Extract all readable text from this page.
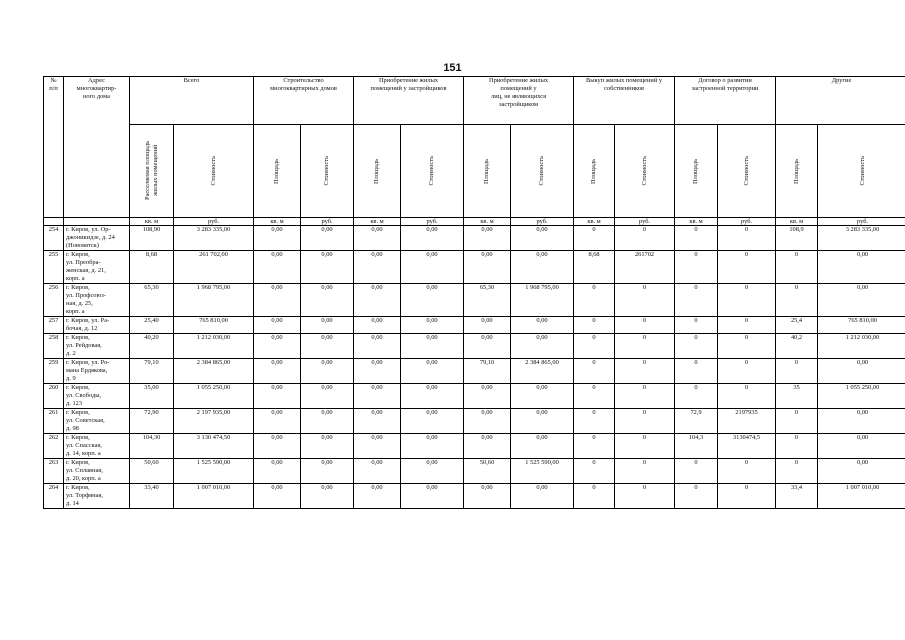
151
№
п/п	Адрес
многоквартир-
ного дома	Всего		Строительство
многоквартирных домов		Приобретение жилых
помещений у застройщиков		Приобретение жилых
помещений у
лиц, не являющихся
застройщиком		Выкуп жилых помещений у
собственников		Договор о развитии
застроенной территории		Другие	

		Расселяемая площадь
жилых помещений	Стоимость	Площадь	Стоимость	Площадь	Стоимость	Площадь	Стоимость	Площадь	Стоимость	Площадь	Стоимость	Площадь	Стоимость

		кв. м	руб.	кв. м	руб.	кв. м	руб.	кв. м	руб.	кв. м	руб.	кв. м	руб.	кв. м	руб.
254	г. Киров, ул. Ор-
джоникидзе, д. 24
(Нововятск)	108,90	3 283 335,00	0,00	0,00	0,00	0,00	0,00	0,00	0	0	0	0	108,9	3 283 335,00
255	г. Киров,
ул. Преобра-
женская, д. 21,
корп. а	8,68	261 702,00	0,00	0,00	0,00	0,00	0,00	0,00	8,68	261702	0	0	0	0,00
256	г. Киров,
ул. Профсоюз-
ная, д. 25,
корп. а	65,30	1 968 795,00	0,00	0,00	0,00	0,00	65,30	1 968 795,00	0	0	0	0	0	0,00
257	г. Киров, ул. Ра-
бочая, д. 12	25,40	765 810,00	0,00	0,00	0,00	0,00	0,00	0,00	0	0	0	0	25,4	765 810,00
258	г. Киров,
ул. Рейдовая,
д. 2	40,20	1 212 030,00	0,00	0,00	0,00	0,00	0,00	0,00	0	0	0	0	40,2	1 212 030,00
259	г. Киров, ул. Ро-
мана Ердякова,
д. 9	79,10	2 384 865,00	0,00	0,00	0,00	0,00	79,10	2 384 865,00	0	0	0	0	0	0,00
260	г. Киров,
ул. Свободы,
д. 123	35,00	1 055 250,00	0,00	0,00	0,00	0,00	0,00	0,00	0	0	0	0	35	1 055 250,00
261	г. Киров,
ул. Советская,
д. 98	72,90	2 197 935,00	0,00	0,00	0,00	0,00	0,00	0,00	0	0	72,9	2197935	0	0,00
262	г. Киров,
ул. Спасская,
д. 14, корп. а	104,30	3 130 474,50	0,00	0,00	0,00	0,00	0,00	0,00	0	0	104,3	3130474,5	0	0,00
263	г. Киров,
ул. Сплавная,
д. 20, корп. а	50,60	1 525 590,00	0,00	0,00	0,00	0,00	50,60	1 525 590,00	0	0	0	0	0	0,00
264	г. Киров,
ул. Торфяная,
д. 14	33,40	1 007 010,00	0,00	0,00	0,00	0,00	0,00	0,00	0	0	0	0	33,4	1 007 010,00
